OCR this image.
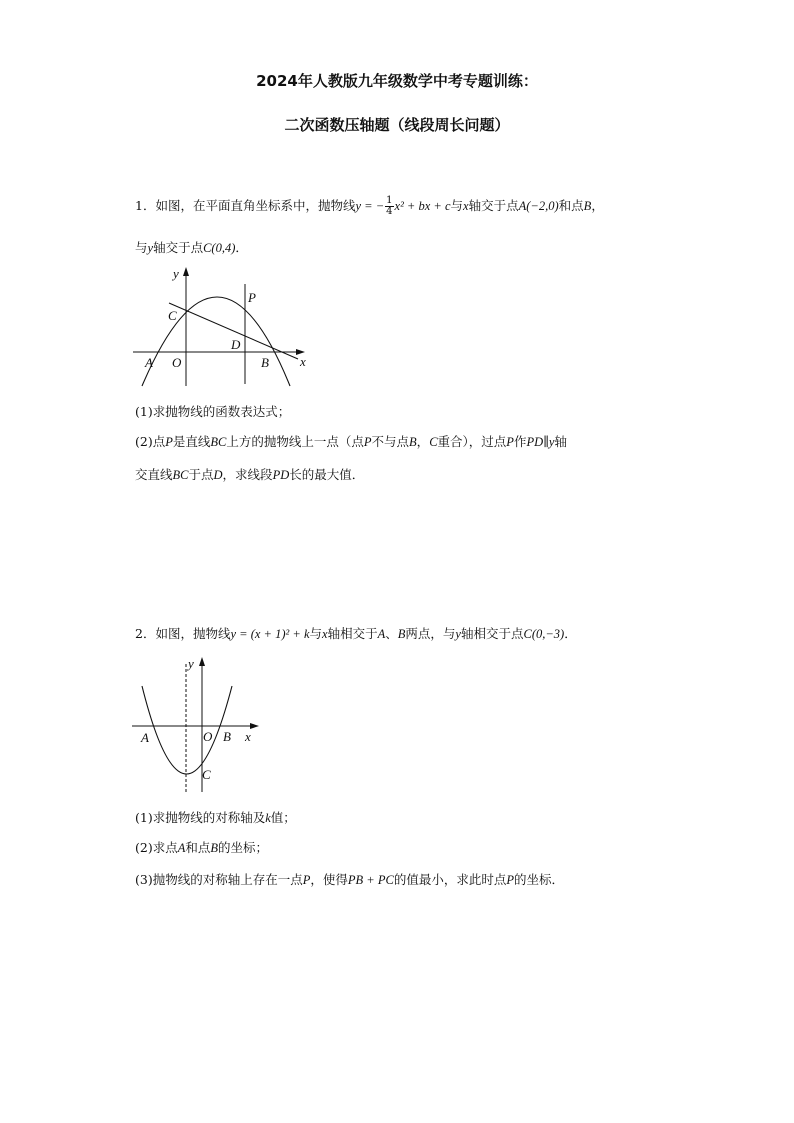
2024年人教版九年级数学中考专题训练：
二次函数压轴题（线段周长问题）
1．如图，在平面直角坐标系中，抛物线y = − $\frac{1}{4} x^2$ + bx + c与x轴交于点A(−2,0)和点B，
与y轴交于点C(0,4)．
y
x
C
P
D
A O	B
(1)求抛物线的函数表达式；
(2)点P是直线BC上方的抛物线上一点（点P不与点B，C重合），过点P作PD∥y轴
交直线BC于点D，求线段PD长的最大值．
2．如图，抛物线y = (x + 1)² + k与x轴相交于A、B两点，与y轴相交于点C(0,−3)．
y
x
A	O B
C
(1)求抛物线的对称轴及k值；
(2)求点A和点B的坐标；
(3)抛物线的对称轴上存在一点P，使得PB + PC的值最小，求此时点P的坐标．
